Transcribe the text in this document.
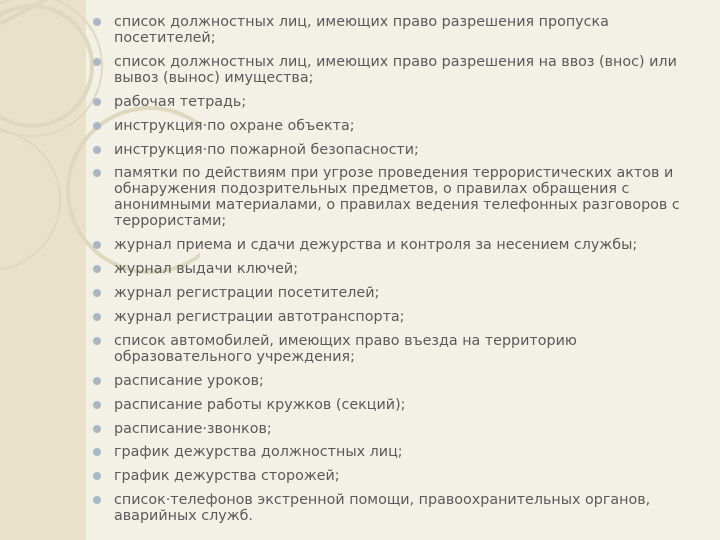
список должностных лиц, имеющих право разрешения пропуска посетителей;
список должностных лиц, имеющих право разрешения на ввоз (внос) или вывоз (вынос) имущества;
рабочая тетрадь;
инструкция·по охране объекта;
инструкция·по пожарной безопасности;
памятки по действиям при угрозе проведения террористических актов и обнаружения подозрительных предметов, о правилах обращения с анонимными материалами, о правилах ведения телефонных разговоров с террористами;
журнал приема и сдачи дежурства и контроля за несением службы;
журнал выдачи ключей;
журнал регистрации посетителей;
журнал регистрации автотранспорта;
список автомобилей, имеющих право въезда на территорию образовательного учреждения;
расписание уроков;
расписание работы кружков (секций);
расписание·звонков;
график дежурства должностных лиц;
график дежурства сторожей;
список·телефонов экстренной помощи, правоохранительных органов, аварийных служб.
